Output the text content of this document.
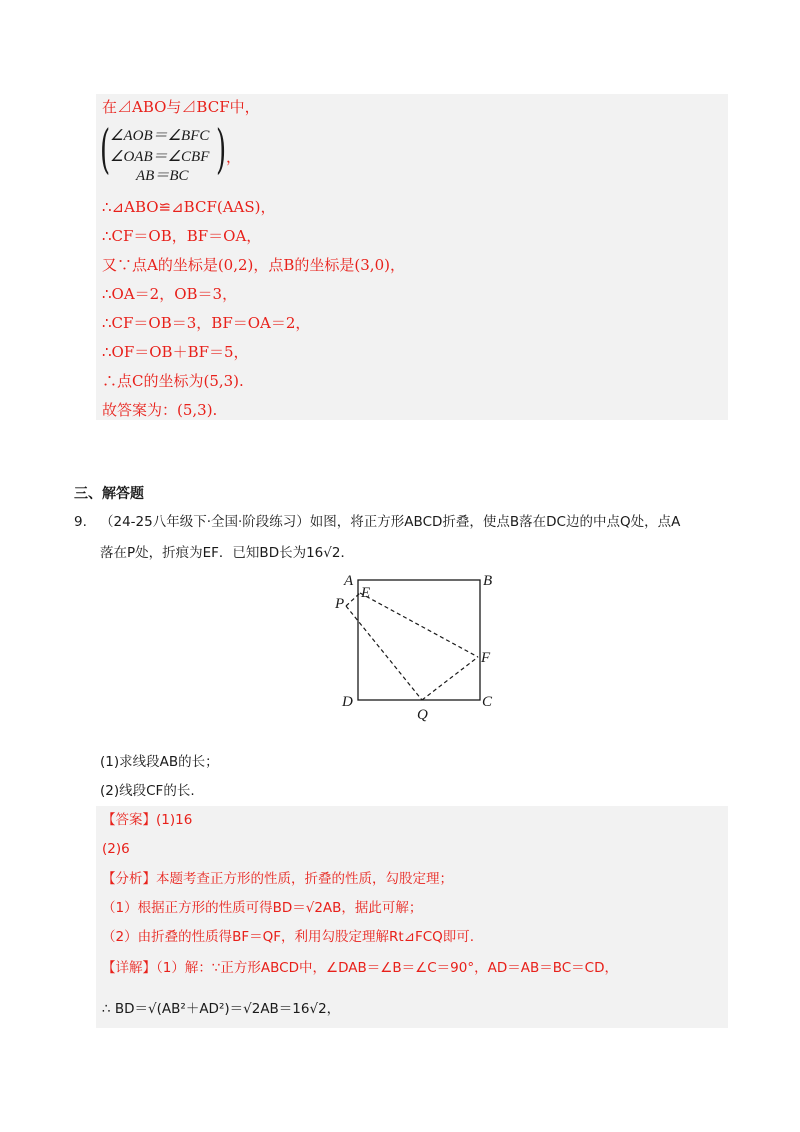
在⊿ABO与⊿BCF中，
( ∠AOB＝∠BFC
∠OAB＝∠CBF
AB＝BC ) ，
∴⊿ABO≌⊿BCF(AAS)，
∴CF＝OB，BF＝OA，
又∵点A的坐标是(0,2)，点B的坐标是(3,0)，
∴OA＝2，OB＝3，
∴CF＝OB＝3，BF＝OA＝2，
∴OF＝OB＋BF＝5，
∴点C的坐标为(5,3).
故答案为：(5,3).
三、解答题
9. （24-25八年级下·全国·阶段练习）如图，将正方形ABCD折叠，使点B落在DC边的中点Q处，点A
落在P处，折痕为EF．已知BD长为16√2．
A	B
E
P
F
D
Q
C
(1)求线段AB的长；
(2)线段CF的长.
【答案】(1)16
(2)6
【分析】本题考查正方形的性质，折叠的性质，勾股定理；
（1）根据正方形的性质可得BD＝√2AB，据此可解；
（2）由折叠的性质得BF＝QF，利用勾股定理解Rt⊿FCQ即可.
【详解】（1）解：∵正方形ABCD中，∠DAB＝∠B＝∠C＝90°，AD＝AB＝BC＝CD，
∴ BD＝√(AB²＋AD²)＝√2AB＝16√2，
